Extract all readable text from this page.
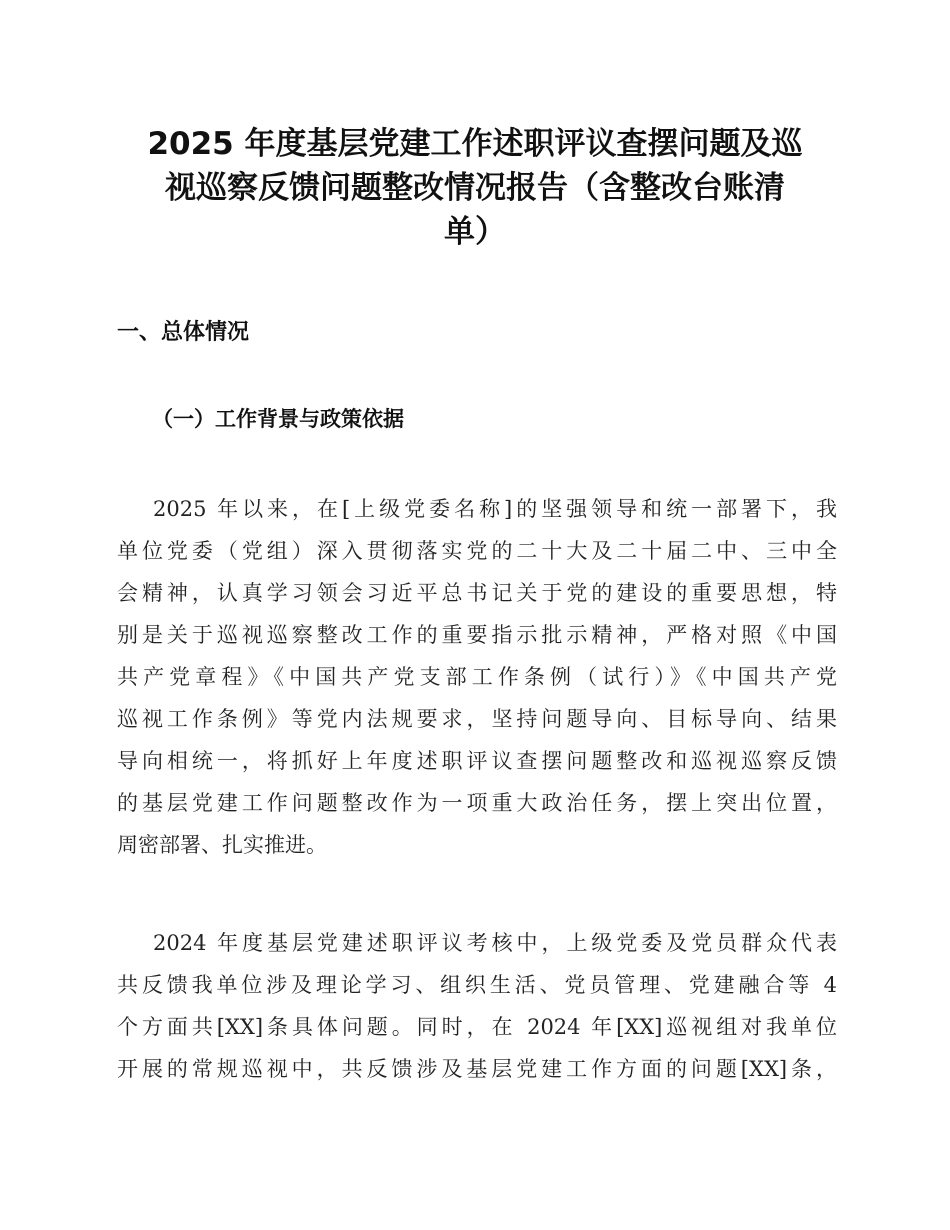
2025 年度基层党建工作述职评议查摆问题及巡
视巡察反馈问题整改情况报告（含整改台账清
单）
一、总体情况
（一）工作背景与政策依据
2025 年以来，在[上级党委名称]的坚强领导和统一部署下，我
单位党委（党组）深入贯彻落实党的二十大及二十届二中、三中全
会精神，认真学习领会习近平总书记关于党的建设的重要思想，特
别是关于巡视巡察整改工作的重要指示批示精神，严格对照《中国
共产党章程》《中国共产党支部工作条例（试行）》《中国共产党
巡视工作条例》等党内法规要求，坚持问题导向、目标导向、结果
导向相统一，将抓好上年度述职评议查摆问题整改和巡视巡察反馈
的基层党建工作问题整改作为一项重大政治任务，摆上突出位置，
周密部署、扎实推进。
2024 年度基层党建述职评议考核中，上级党委及党员群众代表
共反馈我单位涉及理论学习、组织生活、党员管理、党建融合等 4
个方面共[XX]条具体问题。同时，在 2024 年[XX]巡视组对我单位
开展的常规巡视中，共反馈涉及基层党建工作方面的问题[XX]条，
